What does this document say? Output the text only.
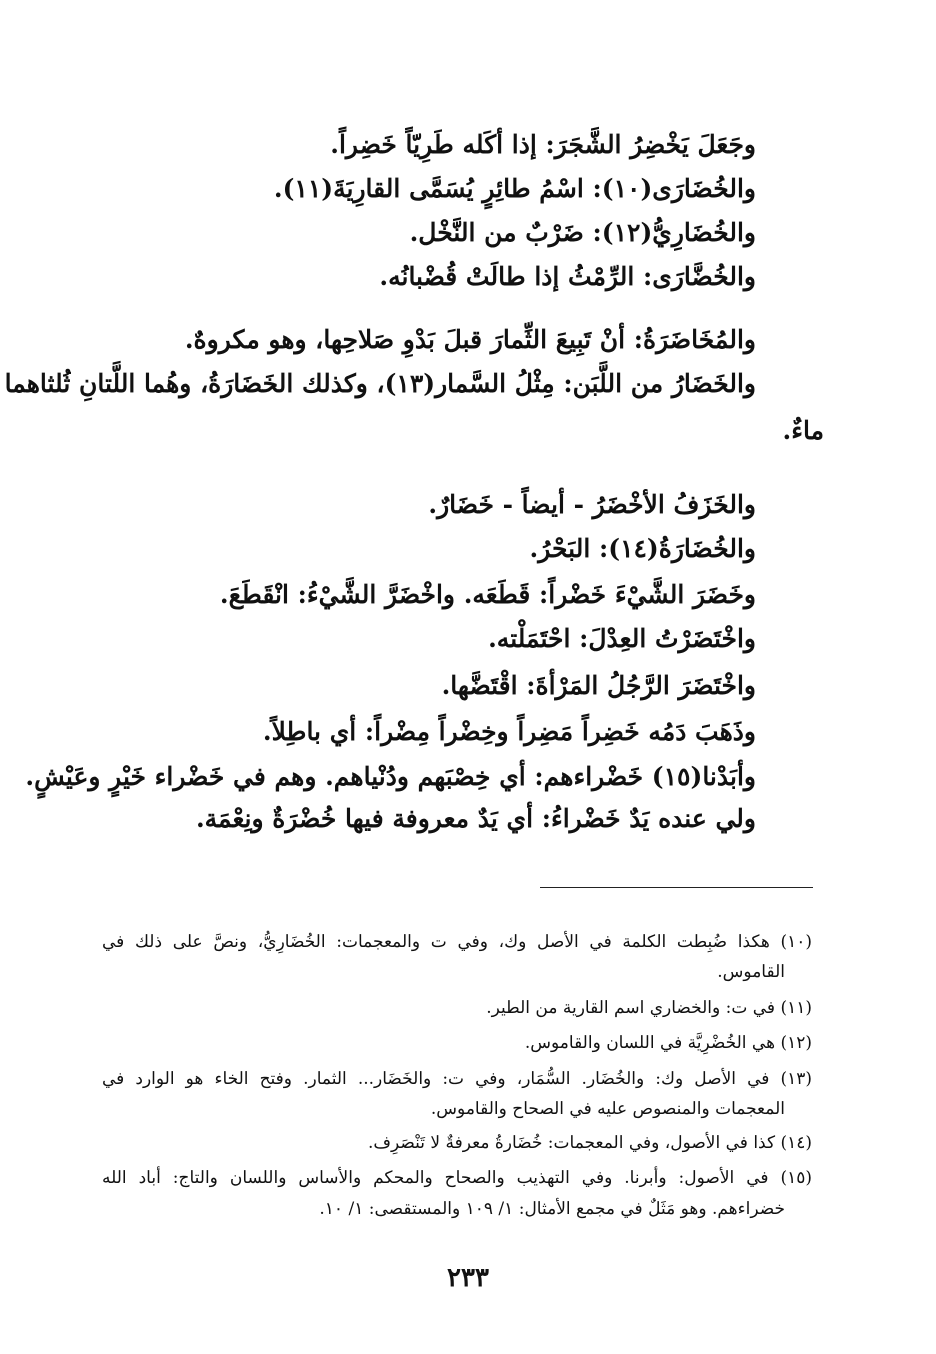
وجَعَلَ يَخْضِرُ الشَّجَرَ: إذا أكَله طَرِيّاً خَضِراً.

والخُضَارَى(١٠): اسْمُ طائِرٍ يُسَمَّى القارِيَةَ(١١).

والخُضَارِيُّ(١٢): ضَرْبٌ من النَّخْل.

والخُضَّارَى: الرِّمْثُ إذا طالَتْ قُضْبانُه.

والمُخَاضَرَةُ: أنْ تَبِيعَ الثِّمارَ قبلَ بَدْوِ صَلاحِها، وهو مكروهٌ.

والخَضَارُ من اللَّبَن: مِثْلُ السَّمار(١٣)، وكذلك الخَضَارَةُ، وهُما اللَّتانِ ثُلثاهما

ماءٌ.

والخَزَفُ الأخْضَرُ - أيضاً - خَضَارٌ.

والخُضَارَةُ(١٤): البَحْرُ.

وخَضَرَ الشَّيْءَ خَضْراً: قَطَعَه. واخْضَرَّ الشَّيْءُ: انْقَطَعَ.

واخْتَضَرْتُ العِدْلَ: احْتَمَلْته.

واخْتَضَرَ الرَّجُلُ المَرْأةَ: اقْتَضَّها.

وذَهَبَ دَمُه خَضِراً مَضِراً وخِضْراً مِضْراً: أي باطِلاً.

وأبَدْنا(١٥) خَضْراءهم: أي خِصْبَهم ودُنْياهم. وهم في خَضْراء خَيْرٍ وعَيْشٍ.

ولي عنده يَدٌ خَضْراءُ: أي يَدٌ معروفة فيها خُضْرَةٌ ونِعْمَة.

(١٠) هكذا ضُبِطت الكلمة في الأصل وك، وفي ت والمعجمات: الخُضَارِيُّ، ونصَّ على ذلك في

القاموس.

(١١) في ت: والخضاري اسم القارية من الطير.

(١٢) هي الخُضْرِيَّة في اللسان والقاموس.

(١٣) في الأصل وك: والخُضَار. السُّمَار، وفي ت: والخَضَار... الثمار. وفتح الخاء هو الوارد في

المعجمات والمنصوص عليه في الصحاح والقاموس.

(١٤) كذا في الأصول، وفي المعجمات: خُضَارةُ معرفةٌ لا تَنْصَرِف.

(١٥) في الأصول: وأبرنا. وفي التهذيب والصحاح والمحكم والأساس واللسان والتاج: أباد الله

خضراءهم. وهو مَثَلٌ في مجمع الأمثال: ١/ ١٠٩ والمستقصى: ١/ ١٠.

٢٣٣
